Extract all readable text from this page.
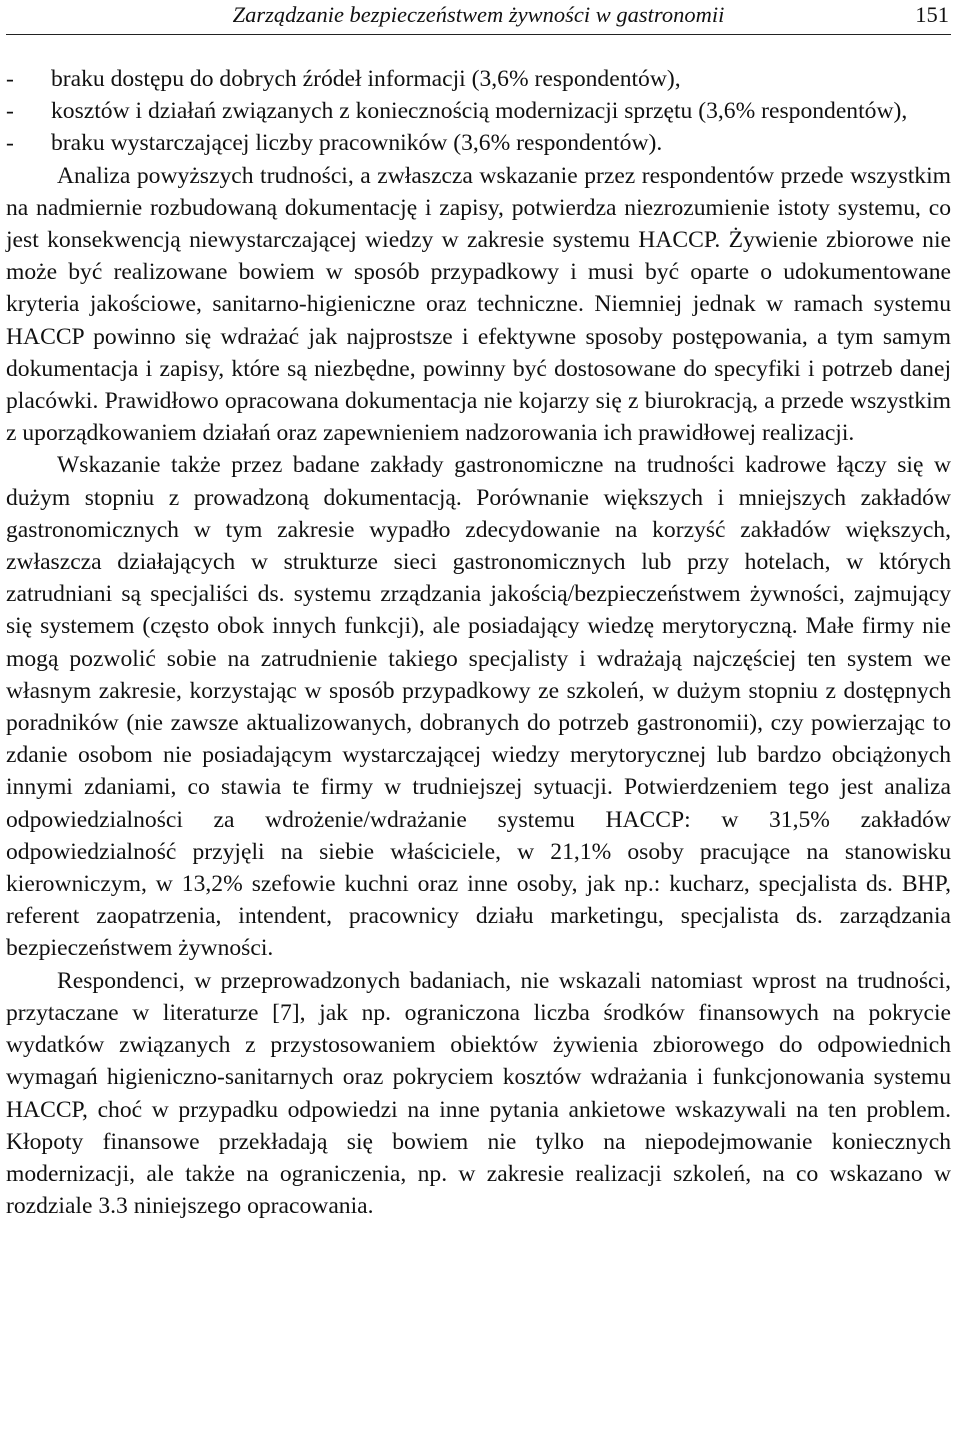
Zarządzanie bezpieczeństwem żywności w gastronomii	151
- braku dostępu do dobrych źródeł informacji (3,6% respondentów),
- kosztów i działań związanych z koniecznością modernizacji sprzętu (3,6% respondentów),
- braku wystarczającej liczby pracowników (3,6% respondentów).

Analiza powyższych trudności, a zwłaszcza wskazanie przez respondentów przede wszystkim na nadmiernie rozbudowaną dokumentację i zapisy, potwierdza niezrozumienie istoty systemu, co jest konsekwencją niewystarczającej wiedzy w zakresie systemu HACCP. Żywienie zbiorowe nie może być realizowane bowiem w sposób przypadkowy i musi być oparte o udokumentowane kryteria jakościowe, sanitarno-higieniczne oraz techniczne. Niemniej jednak w ramach systemu HACCP powinno się wdrażać jak najprostsze i efektywne sposoby postępowania, a tym samym dokumentacja i zapisy, które są niezbędne, powinny być dostosowane do specyfiki i potrzeb danej placówki. Prawidłowo opracowana dokumentacja nie kojarzy się z biurokracją, a przede wszystkim z uporządkowaniem działań oraz zapewnieniem nadzorowania ich prawidłowej realizacji.

Wskazanie także przez badane zakłady gastronomiczne na trudności kadrowe łączy się w dużym stopniu z prowadzoną dokumentacją. Porównanie większych i mniejszych zakładów gastronomicznych w tym zakresie wypadło zdecydowanie na korzyść zakładów większych, zwłaszcza działających w strukturze sieci gastronomicznych lub przy hotelach, w których zatrudniani są specjaliści ds. systemu zrządzania jakością/bezpieczeństwem żywności, zajmujący się systemem (często obok innych funkcji), ale posiadający wiedzę merytoryczną. Małe firmy nie mogą pozwolić sobie na zatrudnienie takiego specjalisty i wdrażają najczęściej ten system we własnym zakresie, korzystając w sposób przypadkowy ze szkoleń, w dużym stopniu z dostępnych poradników (nie zawsze aktualizowanych, dobranych do potrzeb gastronomii), czy powierzając to zdanie osobom nie posiadającym wystarczającej wiedzy merytorycznej lub bardzo obciążonych innymi zdaniami, co stawia te firmy w trudniejszej sytuacji. Potwierdzeniem tego jest analiza odpowiedzialności za wdrożenie/wdrażanie systemu HACCP: w 31,5% zakładów odpowiedzialność przyjęli na siebie właściciele, w 21,1% osoby pracujące na stanowisku kierowniczym, w 13,2% szefowie kuchni oraz inne osoby, jak np.: kucharz, specjalista ds. BHP, referent zaopatrzenia, intendent, pracownicy działu marketingu, specjalista ds. zarządzania bezpieczeństwem żywności.

Respondenci, w przeprowadzonych badaniach, nie wskazali natomiast wprost na trudności, przytaczane w literaturze [7], jak np. ograniczona liczba środków finansowych na pokrycie wydatków związanych z przystosowaniem obiektów żywienia zbiorowego do odpowiednich wymagań higieniczno-sanitarnych oraz pokryciem kosztów wdrażania i funkcjonowania systemu HACCP, choć w przypadku odpowiedzi na inne pytania ankietowe wskazywali na ten problem. Kłopoty finansowe przekładają się bowiem nie tylko na niepodejmowanie koniecznych modernizacji, ale także na ograniczenia, np. w zakresie realizacji szkoleń, na co wskazano w rozdziale 3.3 niniejszego opracowania.
